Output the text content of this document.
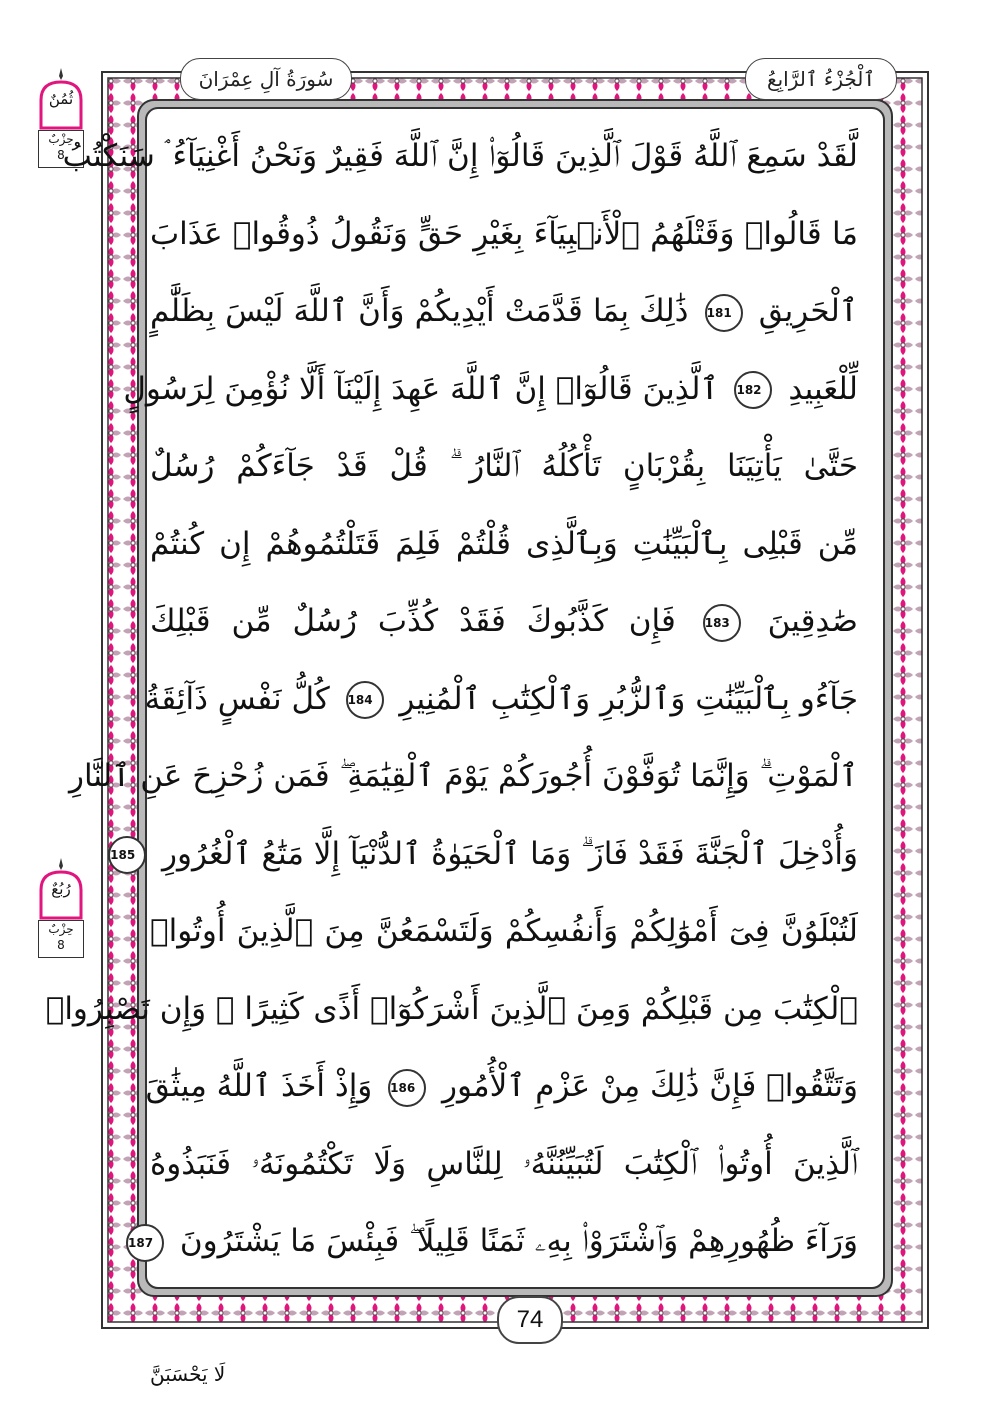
ٱلْجُزْءُ ٱلرَّابِعُ
سُورَةُ آلِ عِمْرَانَ
ثُمُنٌ
حِزْبٌ
8
رُبُعٌ
حِزْبٌ
8
لَّقَدْ سَمِعَ ٱللَّهُ قَوْلَ ٱلَّذِينَ قَالُوٓا۟ إِنَّ ٱللَّهَ فَقِيرٌ وَنَحْنُ أَغْنِيَآءُ ۘ سَنَكْتُبُ
مَا قَالُوا۟ وَقَتْلَهُمُ ٱلْأَنۢبِيَآءَ بِغَيْرِ حَقٍّ وَنَقُولُ ذُوقُوا۟ عَذَابَ
ٱلْحَرِيقِ 181 ذَٰلِكَ بِمَا قَدَّمَتْ أَيْدِيكُمْ وَأَنَّ ٱللَّهَ لَيْسَ بِظَلَّٰمٍ
لِّلْعَبِيدِ 182 ٱلَّذِينَ قَالُوٓا۟ إِنَّ ٱللَّهَ عَهِدَ إِلَيْنَآ أَلَّا نُؤْمِنَ لِرَسُولٍ
حَتَّىٰ يَأْتِيَنَا بِقُرْبَانٍ تَأْكُلُهُ ٱلنَّارُ ۗ قُلْ قَدْ جَآءَكُمْ رُسُلٌ
مِّن قَبْلِى بِٱلْبَيِّنَٰتِ وَبِٱلَّذِى قُلْتُمْ فَلِمَ قَتَلْتُمُوهُمْ إِن كُنتُمْ
صَٰدِقِينَ 183 فَإِن كَذَّبُوكَ فَقَدْ كُذِّبَ رُسُلٌ مِّن قَبْلِكَ
جَآءُو بِٱلْبَيِّنَٰتِ وَٱلزُّبُرِ وَٱلْكِتَٰبِ ٱلْمُنِيرِ 184 كُلُّ نَفْسٍ ذَآئِقَةُ
ٱلْمَوْتِ ۗ وَإِنَّمَا تُوَفَّوْنَ أُجُورَكُمْ يَوْمَ ٱلْقِيَٰمَةِ ۖ فَمَن زُحْزِحَ عَنِ ٱلنَّارِ
وَأُدْخِلَ ٱلْجَنَّةَ فَقَدْ فَازَ ۗ وَمَا ٱلْحَيَوٰةُ ٱلدُّنْيَآ إِلَّا مَتَٰعُ ٱلْغُرُورِ 185
لَتُبْلَوُنَّ فِىٓ أَمْوَٰلِكُمْ وَأَنفُسِكُمْ وَلَتَسْمَعُنَّ مِنَ ٱلَّذِينَ أُوتُوا۟
ٱلْكِتَٰبَ مِن قَبْلِكُمْ وَمِنَ ٱلَّذِينَ أَشْرَكُوٓا۟ أَذًى كَثِيرًا ۚ وَإِن تَصْبِرُوا۟
وَتَتَّقُوا۟ فَإِنَّ ذَٰلِكَ مِنْ عَزْمِ ٱلْأُمُورِ 186 وَإِذْ أَخَذَ ٱللَّهُ مِيثَٰقَ
ٱلَّذِينَ أُوتُوا۟ ٱلْكِتَٰبَ لَتُبَيِّنُنَّهُۥ لِلنَّاسِ وَلَا تَكْتُمُونَهُۥ فَنَبَذُوهُ
وَرَآءَ ظُهُورِهِمْ وَٱشْتَرَوْا۟ بِهِۦ ثَمَنًا قَلِيلًا ۖ فَبِئْسَ مَا يَشْتَرُونَ 187
74
لَا يَحْسَبَنَّ
